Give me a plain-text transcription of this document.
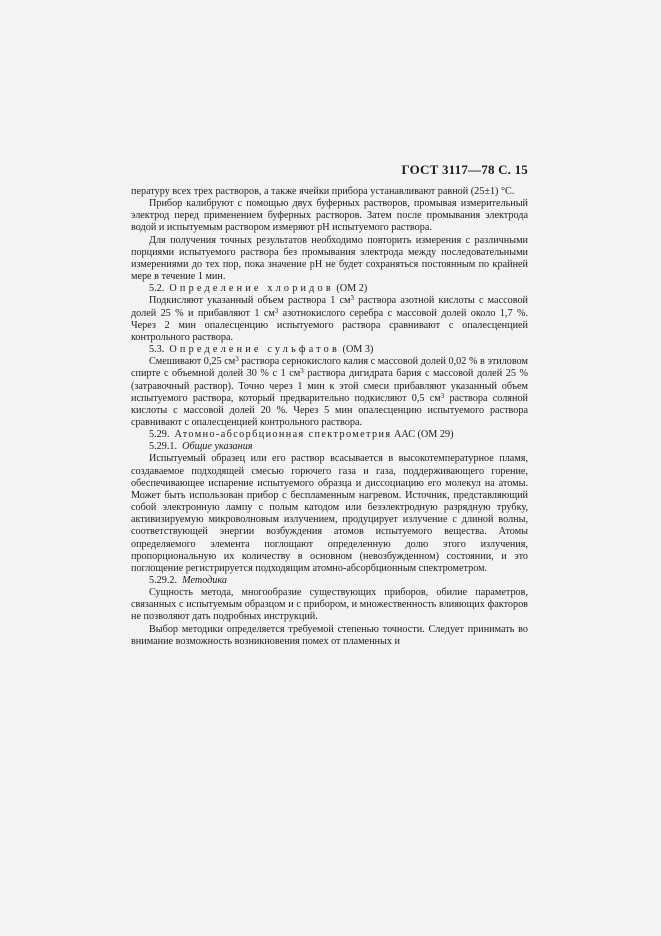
ГОСТ 3117—78 С. 15

пературу всех трех растворов, а также ячейки прибора устанавливают равной (25±1) °С.

Прибор калибруют с помощью двух буферных растворов, промывая измерительный электрод перед применением буферных растворов. Затем после промывания электрода водой и испытуемым раствором измеряют рН испытуемого раствора.

Для получения точных результатов необходимо повторить измерения с различными порциями испытуемого раствора без промывания электрода между последовательными измерениями до тех пор, пока значение рН не будет сохраняться постоянным по крайней мере в течение 1 мин.

5.2.  Определение хлоридов (ОМ 2)

Подкисляют указанный объем раствора 1 $см^3$ раствора азотной кислоты с массовой долей 25 % и прибавляют 1 $см^3$ азотнокислого серебра с массовой долей около 1,7 %. Через 2 мин опалесценцию испытуемого раствора сравнивают с опалесценцией контрольного раствора.

5.3.  Определение сульфатов (ОМ 3)

Смешивают 0,25 $см^3$ раствора сернокислого калия с массовой долей 0,02 % в этиловом спирте с объемной долей 30 % с 1 $см^3$ раствора дигидрата бария с массовой долей 25 % (затравочный раствор). Точно через 1 мин к этой смеси прибавляют указанный объем испытуемого раствора, который предварительно подкисляют 0,5 $см^3$ раствора соляной кислоты с массовой долей 20 %. Через 5 мин опалесценцию испытуемого раствора сравнивают с опалесценцией контрольного раствора.

5.29.  Атомно-абсорбционная спектрометрия ААС (ОМ 29)
5.29.1.  Общие указания

Испытуемый образец или его раствор всасывается в высокотемпературное пламя, создаваемое подходящей смесью горючего газа и газа, поддерживающего горение, обеспечивающее испарение испытуемого образца и диссоциацию его молекул на атомы. Может быть использован прибор с беспламенным нагревом. Источник, представляющий собой электронную лампу с полым катодом или безэлектродную разрядную трубку, активизируемую микроволновым излучением, продуцирует излучение с длиной волны, соответствующей энергии возбуждения атомов испытуемого вещества. Атомы определяемого элемента поглощают определенную долю этого излучения, пропорциональную их количеству в основном (невозбужденном) состоянии, и это поглощение регистрируется подходящим атомно-абсорбционным спектрометром.

5.29.2.  Методика

Сущность метода, многообразие существующих приборов, обилие параметров, связанных с испытуемым образцом и с прибором, и множественность влияющих факторов не позволяют дать подробных инструкций.

Выбор методики определяется требуемой степенью точности. Следует принимать во внимание возможность возникновения помех от пламенных и
